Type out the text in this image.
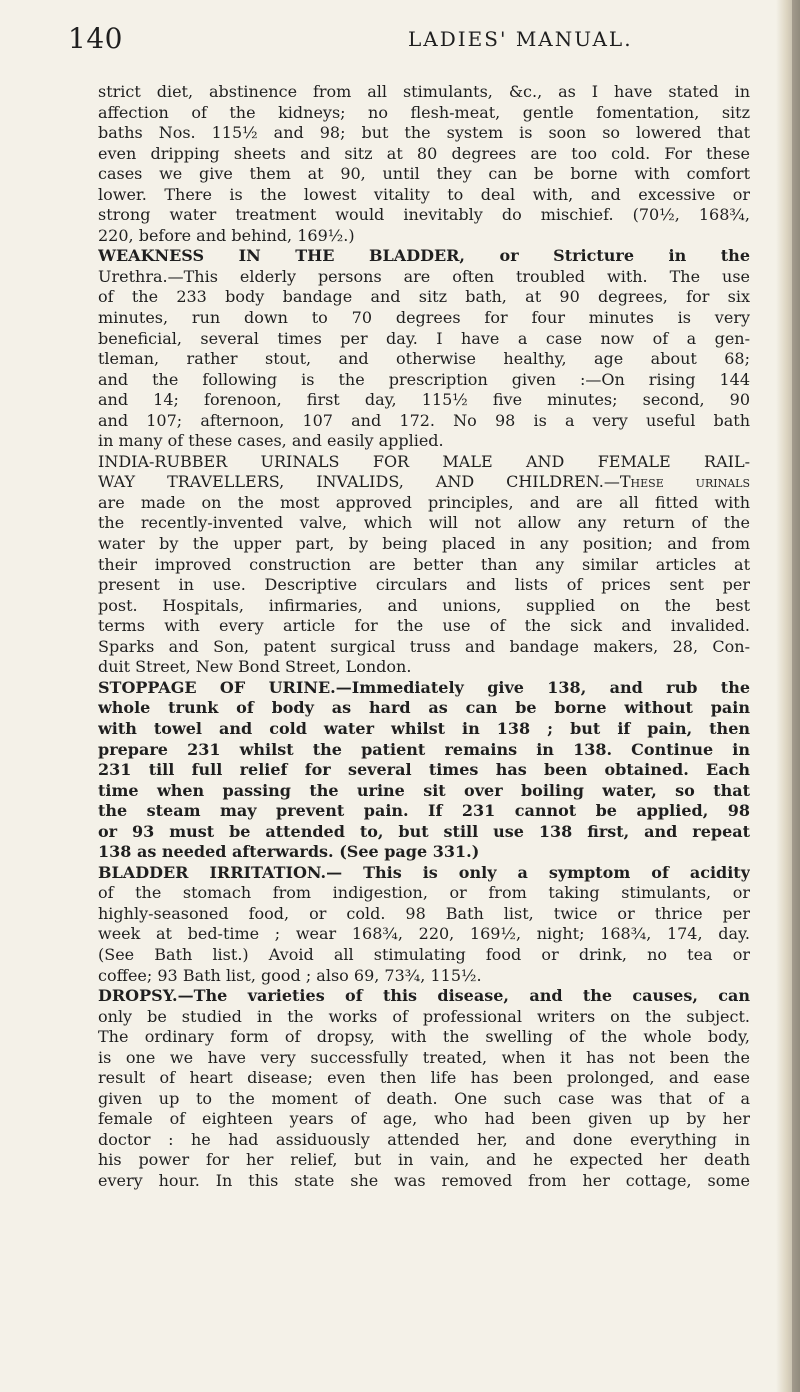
140	LADIES' MANUAL.
strict diet, abstinence from all stimulants, &c., as I have stated in
affection of the kidneys; no flesh-meat, gentle fomentation, sitz
baths Nos. 115½ and 98; but the system is soon so lowered that
even dripping sheets and sitz at 80 degrees are too cold. For these
cases we give them at 90, until they can be borne with comfort
lower. There is the lowest vitality to deal with, and excessive or
strong water treatment would inevitably do mischief. (70½, 168¾,
220, before and behind, 169½.)
WEAKNESS IN THE BLADDER, or Stricture in the
Urethra.—This elderly persons are often troubled with. The use
of the 233 body bandage and sitz bath, at 90 degrees, for six
minutes, run down to 70 degrees for four minutes is very
beneficial, several times per day. I have a case now of a gen-
tleman, rather stout, and otherwise healthy, age about 68;
and the following is the prescription given :—On rising 144
and 14; forenoon, first day, 115½ five minutes; second, 90
and 107; afternoon, 107 and 172. No 98 is a very useful bath
in many of these cases, and easily applied.
INDIA-RUBBER URINALS FOR MALE AND FEMALE RAIL-
WAY TRAVELLERS, INVALIDS, AND CHILDREN.—These urinals
are made on the most approved principles, and are all fitted with
the recently-invented valve, which will not allow any return of the
water by the upper part, by being placed in any position; and from
their improved construction are better than any similar articles at
present in use. Descriptive circulars and lists of prices sent per
post. Hospitals, infirmaries, and unions, supplied on the best
terms with every article for the use of the sick and invalided.
Sparks and Son, patent surgical truss and bandage makers, 28, Con-
duit Street, New Bond Street, London.
STOPPAGE OF URINE.—Immediately give 138, and rub the
whole trunk of body as hard as can be borne without pain
with towel and cold water whilst in 138 ; but if pain, then
prepare 231 whilst the patient remains in 138. Continue in
231 till full relief for several times has been obtained. Each
time when passing the urine sit over boiling water, so that
the steam may prevent pain. If 231 cannot be applied, 98
or 93 must be attended to, but still use 138 first, and repeat
138 as needed afterwards. (See page 331.)
BLADDER IRRITATION.— This is only a symptom of acidity
of the stomach from indigestion, or from taking stimulants, or
highly-seasoned food, or cold. 98 Bath list, twice or thrice per
week at bed-time ; wear 168¾, 220, 169½, night; 168¾, 174, day.
(See Bath list.) Avoid all stimulating food or drink, no tea or
coffee; 93 Bath list, good ; also 69, 73¾, 115½.
DROPSY.—The varieties of this disease, and the causes, can
only be studied in the works of professional writers on the subject.
The ordinary form of dropsy, with the swelling of the whole body,
is one we have very successfully treated, when it has not been the
result of heart disease; even then life has been prolonged, and ease
given up to the moment of death. One such case was that of a
female of eighteen years of age, who had been given up by her
doctor : he had assiduously attended her, and done everything in
his power for her relief, but in vain, and he expected her death
every hour. In this state she was removed from her cottage, some
